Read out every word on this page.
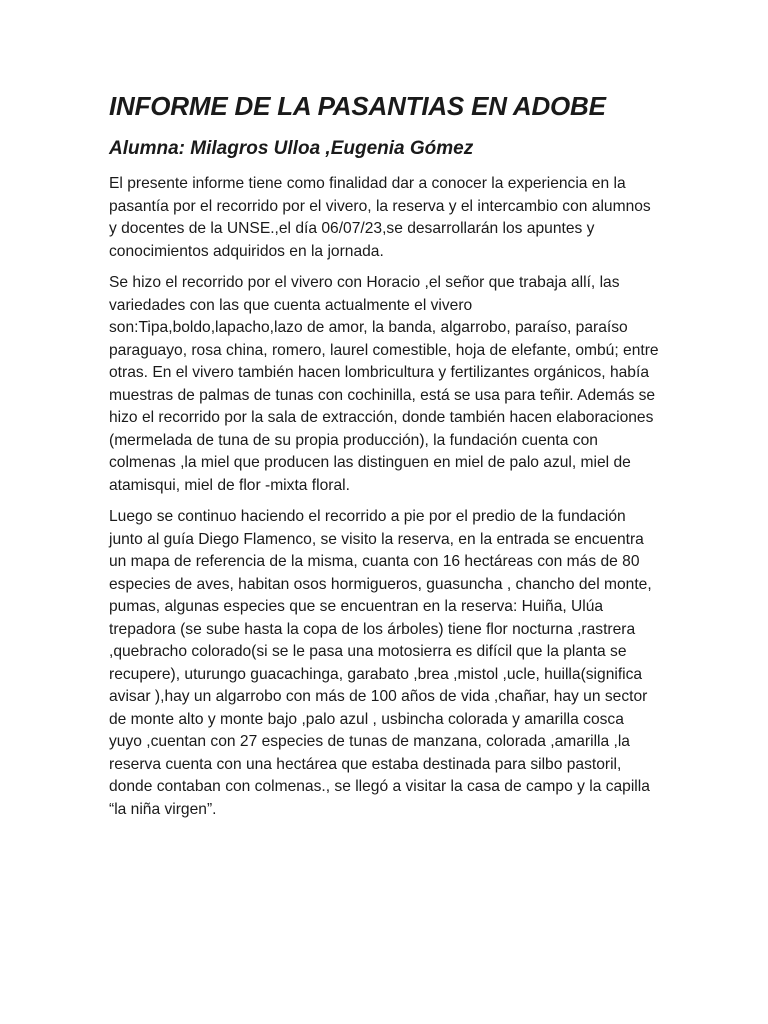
INFORME DE LA PASANTIAS EN ADOBE
Alumna: Milagros Ulloa ,Eugenia Gómez

El presente informe tiene como finalidad dar a conocer la experiencia en la pasantía por el recorrido por el vivero, la reserva y el intercambio con alumnos y docentes de la UNSE.,el día 06/07/23,se desarrollarán los apuntes y conocimientos adquiridos en la jornada.

Se hizo el recorrido por el vivero con Horacio ,el señor que trabaja allí, las variedades con las que cuenta actualmente el vivero son:Tipa,boldo,lapacho,lazo de amor, la banda, algarrobo, paraíso, paraíso paraguayo, rosa china, romero, laurel comestible, hoja de elefante, ombú; entre otras. En el vivero también hacen lombricultura y fertilizantes orgánicos, había muestras de palmas de tunas con cochinilla, está se usa para teñir. Además se hizo el recorrido por la sala de extracción, donde también hacen elaboraciones (mermelada de tuna de su propia producción), la fundación cuenta con colmenas ,la miel que producen las distinguen en miel de palo azul, miel de atamisqui, miel de flor -mixta floral.

Luego se continuo haciendo el recorrido a pie por el predio de la fundación junto al guía Diego Flamenco, se visito la reserva, en la entrada se encuentra un mapa de referencia de la misma, cuanta con 16 hectáreas con más de 80 especies de aves, habitan osos hormigueros, guasuncha , chancho del monte, pumas, algunas especies que se encuentran en la reserva: Huiña, Ulúa trepadora (se sube hasta la copa de los árboles) tiene flor nocturna ,rastrera ,quebracho colorado(si se le pasa una motosierra es difícil que la planta se recupere), uturungo guacachinga, garabato ,brea ,mistol ,ucle, huilla(significa avisar ),hay un algarrobo con más de 100 años de vida ,chañar, hay un sector de monte alto y monte bajo ,palo azul , usbincha colorada y amarilla cosca yuyo ,cuentan con 27 especies de tunas de manzana, colorada ,amarilla ,la reserva cuenta con una hectárea que estaba destinada para silbo pastoril, donde contaban con colmenas., se llegó a visitar la casa de campo y la capilla “la niña virgen”.
